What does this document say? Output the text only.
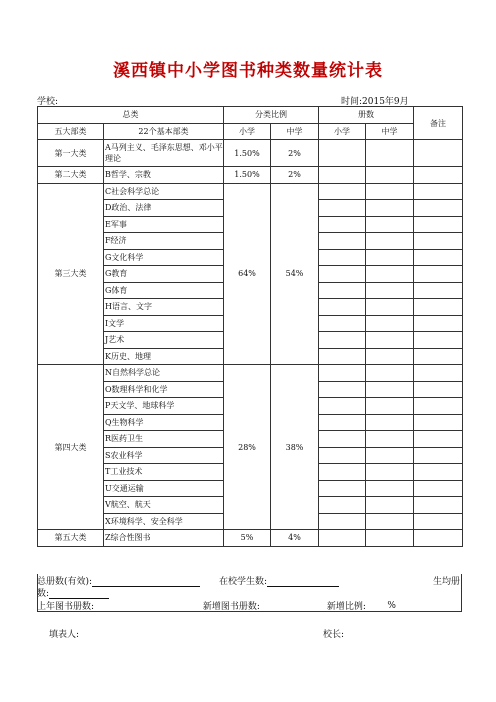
溪西镇中小学图书种类数量统计表
学校:	时间:2015年9月
总类		分类比例		册数		备注
五大部类	22个基本部类	小学	中学	小学	中学	
第一大类	A马列主义、毛泽东思想、邓小平理论	1.50%	2%			
第二大类	B哲学、宗教	1.50%	2%			
第三大类	C社会科学总论	64%	54%			
	D政治、法律					
	E军事					
	F经济					
	G文化科学					
	G教育					
	G体育					
	H语言、文字					
	I文学					
	J艺术					
	K历史、地理					
第四大类	N自然科学总论	28%	38%			
	O数理科学和化学					
	P天文学、地球科学					
	Q生物科学					
	R医药卫生					
	S农业科学					
	T工业技术					
	U交通运输					
	V航空、航天					
	X环境科学、安全科学					
第五大类	Z综合性图书	5%	4%			
总册数(有效):	在校学生数:	生均册
数:
上年图书册数:	新增图书册数:	新增比例: %
填表人:	校长:
